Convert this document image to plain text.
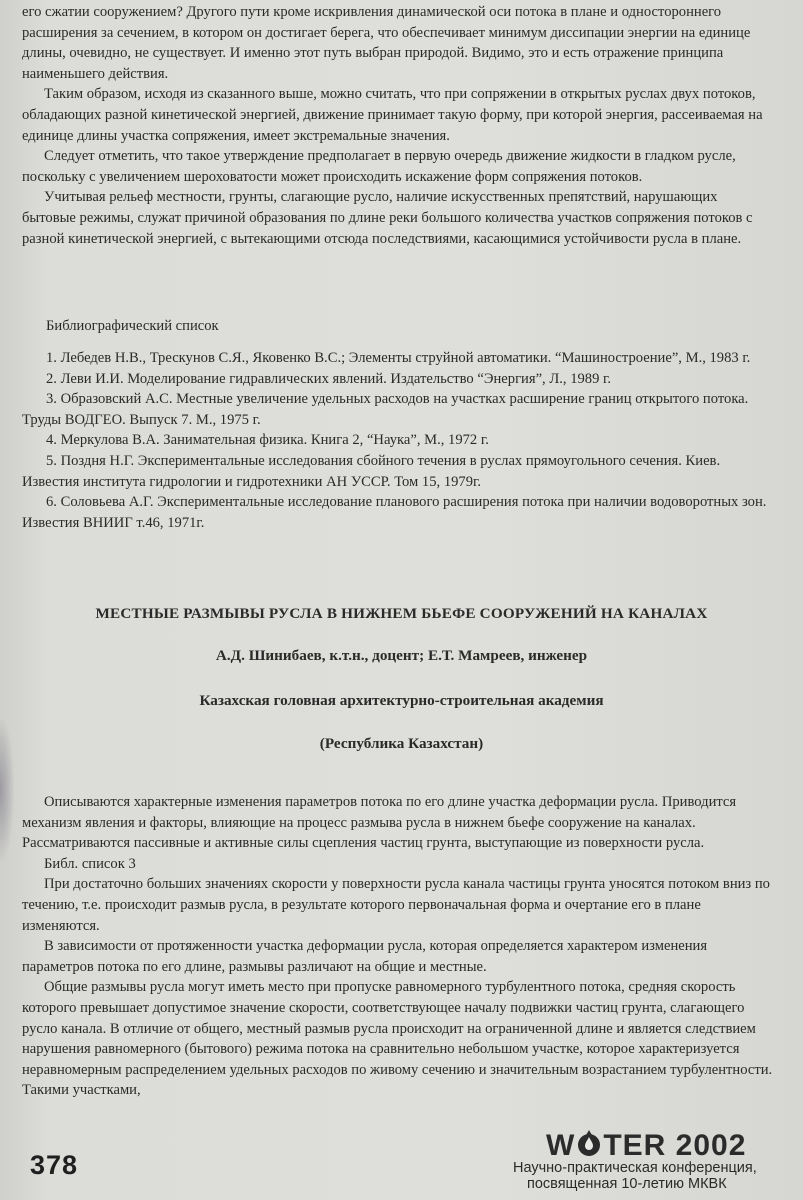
его сжатии сооружением? Другого пути кроме искривления динамической оси потока в плане и одностороннего расширения за сечением, в котором он достигает берега, что обеспечивает минимум диссипации энергии на единице длины, очевидно, не существует. И именно этот путь выбран природой. Видимо, это и есть отражение принципа наименьшего действия.

Таким образом, исходя из сказанного выше, можно считать, что при сопряжении в открытых руслах двух потоков, обладающих разной кинетической энергией, движение принимает такую форму, при которой энергия, рассеиваемая на единице длины участка сопряжения, имеет экстремальные значения.

Следует отметить, что такое утверждение предполагает в первую очередь движение жидкости в гладком русле, поскольку с увеличением шероховатости может происходить искажение форм сопряжения потоков.

Учитывая рельеф местности, грунты, слагающие русло, наличие искусственных препятствий, нарушающих бытовые режимы, служат причиной образования по длине реки большого количества участков сопряжения потоков с разной кинетической энергией, с вытекающими отсюда последствиями, касающимися устойчивости русла в плане.

Библиографический список

1. Лебедев Н.В., Трескунов С.Я., Яковенко В.С.; Элементы струйной автоматики. “Машиностроение”, М., 1983 г.

2. Леви И.И. Моделирование гидравлических явлений. Издательство “Энергия”, Л., 1989 г.

3. Образовский А.С. Местные увеличение удельных расходов на участках расширение границ открытого потока. Труды ВОДГЕО. Выпуск 7. М., 1975 г.

4. Меркулова В.А. Занимательная физика. Книга 2, “Наука”, М., 1972 г.

5. Поздня Н.Г. Экспериментальные исследования сбойного течения в руслах прямоугольного сечения. Киев. Известия института гидрологии и гидротехники АН УССР. Том 15, 1979г.

6. Соловьева А.Г. Экспериментальные исследование планового расширения потока при наличии водоворотных зон. Известия ВНИИГ т.46, 1971г.

МЕСТНЫЕ РАЗМЫВЫ РУСЛА В НИЖНЕМ БЬЕФЕ СООРУЖЕНИЙ НА КАНАЛАХ
А.Д. Шинибаев, к.т.н., доцент; Е.Т. Мамреев, инженер
Казахская головная архитектурно-строительная академия
(Республика Казахстан)

Описываются характерные изменения параметров потока по его длине участка деформации русла. Приводится механизм явления и факторы, влияющие на процесс размыва русла в нижнем бьефе сооружение на каналах. Рассматриваются пассивные и активные силы сцепления частиц грунта, выступающие из поверхности русла.

Библ. список 3

При достаточно больших значениях скорости у поверхности русла канала частицы грунта уносятся потоком вниз по течению, т.е. происходит размыв русла, в результате которого первоначальная форма и очертание его в плане изменяются.

В зависимости от протяженности участка деформации русла, которая определяется характером изменения параметров потока по его длине, размывы различают на общие и местные.

Общие размывы русла могут иметь место при пропуске равномерного турбулентного потока, средняя скорость которого превышает допустимое значение скорости, соответствующее началу подвижки частиц грунта, слагающего русло канала. В отличие от общего, местный размыв русла происходит на ограниченной длине и является следствием нарушения равномерного (бытового) режима потока на сравнительно небольшом участке, которое характеризуется неравномерным распределением удельных расходов по живому сечению и значительным возрастанием турбулентности. Такими участками,

378
W TER 2002
Научно-практическая конференция,
посвященная 10-летию МКВК
